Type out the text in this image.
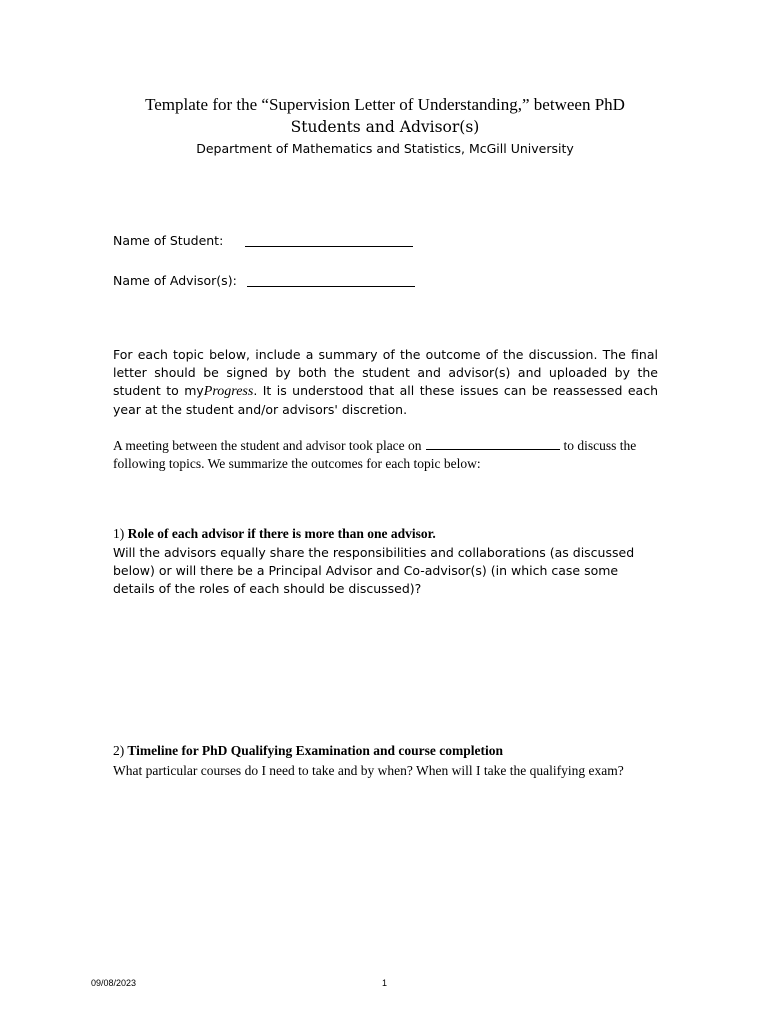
Template for the “Supervision Letter of Understanding,” between PhD
Students and Advisor(s)
Department of Mathematics and Statistics, McGill University
Name of Student:
Name of Advisor(s):
For each topic below, include a summary of the outcome of the discussion. The final letter should be signed by both the student and advisor(s) and uploaded by the student to myProgress. It is understood that all these issues can be reassessed each year at the student and/or advisors' discretion.
A meeting between the student and advisor took place on	to discuss the following topics. We summarize the outcomes for each topic below:
1) Role of each advisor if there is more than one advisor.
Will the advisors equally share the responsibilities and collaborations (as discussed below) or will there be a Principal Advisor and Co-advisor(s) (in which case some details of the roles of each should be discussed)?
2) Timeline for PhD Qualifying Examination and course completion
What particular courses do I need to take and by when? When will I take the qualifying exam?
09/08/2023	1
